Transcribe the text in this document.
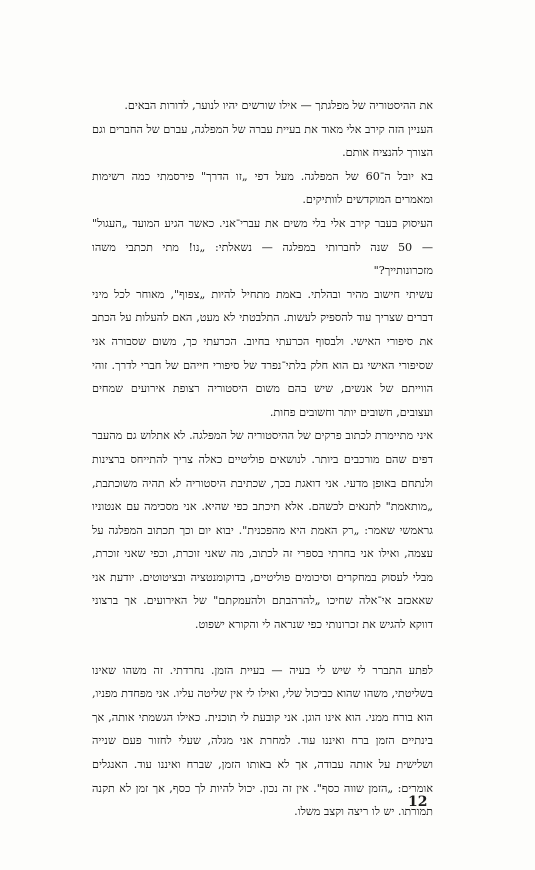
את ההיסטוריה של מפלגתך — אילו שורשים יהיו לנוער, לדורות הבאים.

העניין הזה קירב אלי מאוד את בעיית עברה של המפלגה, עברם של החברים וגם הצורך להנציח אותם.

בא יובל ה־60 של המפלגה. מעל דפי „זו הדרך" פירסמתי כמה רשימות ומאמרים המוקדשים לוותיקים.

העיסוק בעבר קירב אלי בלי משים את עברי־אני. כאשר הגיע המועד „העגול" — 50 שנה לחברותי במפלגה — נשאלתי: „נו! מתי תכתבי משהו מזכרונותייך?"

עשיתי חישוב מהיר ובהלתי. באמת מתחיל להיות „צפוף", מאוחר לכל מיני דברים שצריך עוד להספיק לעשות. התלבטתי לא מעט, האם להעלות על הכתב את סיפורי האישי. ולבסוף הכרעתי בחיוב. הכרעתי כך, משום שסבורה אני שסיפורי האישי גם הוא חלק בלתי־נפרד של סיפורי חייהם של חברי לדרך. זוהי הווייתם של אנשים, שיש בהם משום היסטוריה רצופת אירועים שמחים ועצובים, חשובים יותר וחשובים פחות.

איני מתיימרת לכתוב פרקים של ההיסטוריה של המפלגה. לא אתלוש גם מהעבר דפים שהם מורכבים ביותר. לנושאים פוליטיים כאלה צריך להתייחס ברצינות ולנתחם באופן מדעי. אני דואגת בכך, שכתיבת היסטוריה לא תהיה משוכתבת, „מותאמת" לתנאים לכשהם. אלא תיכתב כפי שהיא. אני מסכימה עם אנטוניו גראמשי שאמר: „רק האמת היא מהפכנית". יבוא יום וכך תכתוב המפלגה על עצמה, ואילו אני בחרתי בספרי זה לכתוב, מה שאני זוכרת, וכפי שאני זוכרת, מבלי לעסוק במחקרים וסיכומים פוליטיים, בדוקומנטציה ובציטוטים. יודעת אני שאאכזב אי־אלה שחיכו „להרהבתם ולהעמקתם" של האירועים. אך ברצוני דווקא להגיש את זכרונותי כפי שנראה לי והקורא ישפוט.

לפתע התברר לי שיש לי בעיה — בעיית הזמן. נחרדתי. זה משהו שאינו בשליטתי, משהו שהוא כביכול שלי, ואילו לי אין שליטה עליו. אני מפחדת מפניו, הוא בורח ממני. הוא אינו הוגן. אני קובעת לי תוכנית. כאילו הגשמתי אותה, אך בינתיים הזמן ברח ואיננו עוד. למחרת אני מגלה, שעלי לחזור פעם שנייה ושלישית על אותה עבודה, אך לא באותו הזמן, שברח ואיננו עוד. האנגלים אומרים: „הזמן שווה כסף". אין זה נכון. יכול להיות לך כסף, אך זמן לא תקנה תמורתו. יש לו ריצה וקצב משלו.

12
